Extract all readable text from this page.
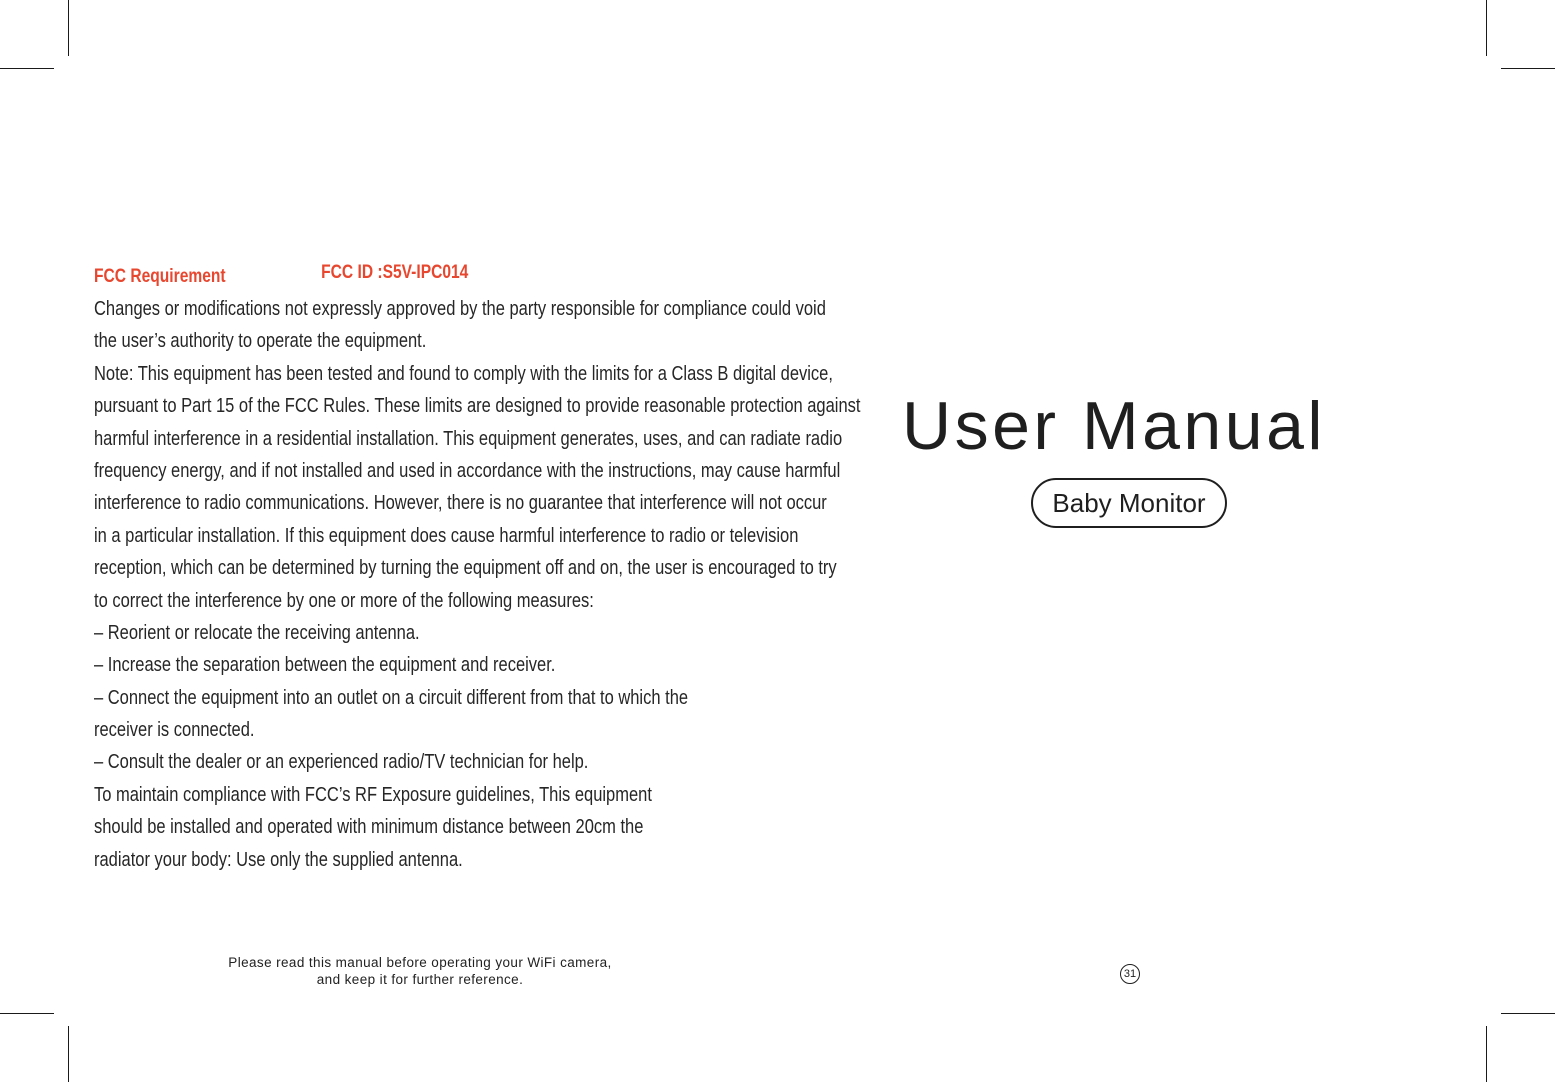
FCC Requirement	FCC ID :S5V-IPC014
Changes or modifications not expressly approved by the party responsible for compliance could void
the user’s authority to operate the equipment.
Note: This equipment has been tested and found to comply with the limits for a Class B digital device,
pursuant to Part 15 of the FCC Rules. These limits are designed to provide reasonable protection against
harmful interference in a residential installation. This equipment generates, uses, and can radiate radio
frequency energy, and if not installed and used in accordance with the instructions, may cause harmful
interference to radio communications. However, there is no guarantee that interference will not occur
in a particular installation. If this equipment does cause harmful interference to radio or television
reception, which can be determined by turning the equipment off and on, the user is encouraged to try
to correct the interference by one or more of the following measures:
– Reorient or relocate the receiving antenna.
– Increase the separation between the equipment and receiver.
– Connect the equipment into an outlet on a circuit different from that to which the
receiver is connected.
– Consult the dealer or an experienced radio/TV technician for help.
To maintain compliance with FCC’s RF Exposure guidelines, This equipment
should be installed and operated with minimum distance between 20cm the
radiator your body: Use only the supplied antenna.
Please read this manual before operating your WiFi camera,
and keep it for further reference.
User Manual
Baby Monitor
31
